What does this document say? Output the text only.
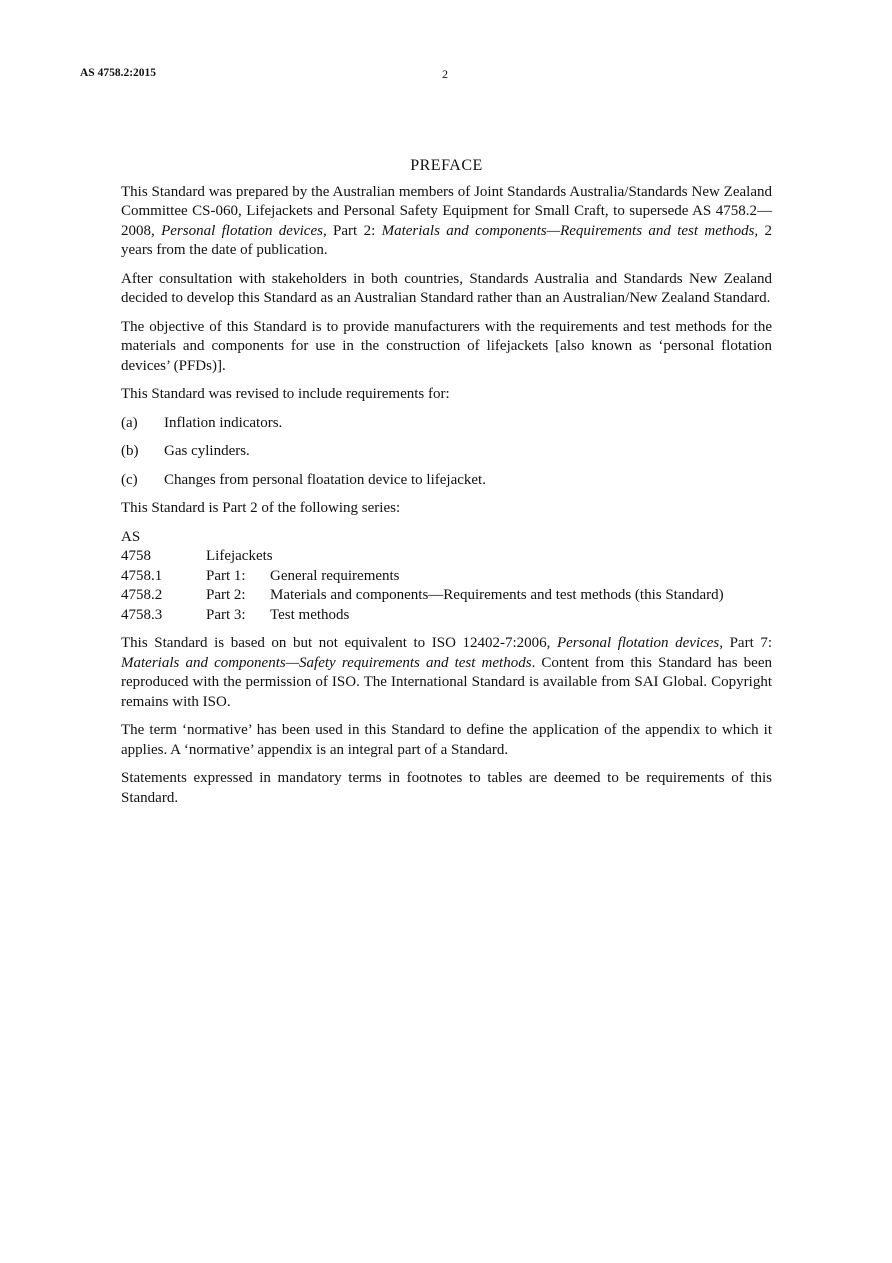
AS 4758.2:2015	2
PREFACE

This Standard was prepared by the Australian members of Joint Standards Australia/Standards New Zealand Committee CS-060, Lifejackets and Personal Safety Equipment for Small Craft, to supersede AS 4758.2—2008, Personal flotation devices, Part 2: Materials and components—Requirements and test methods, 2 years from the date of publication.

After consultation with stakeholders in both countries, Standards Australia and Standards New Zealand decided to develop this Standard as an Australian Standard rather than an Australian/New Zealand Standard.

The objective of this Standard is to provide manufacturers with the requirements and test methods for the materials and components for use in the construction of lifejackets [also known as ‘personal flotation devices’ (PFDs)].

This Standard was revised to include requirements for:

(a)	Inflation indicators.
(b)	Gas cylinders.
(c)	Changes from personal floatation device to lifejacket.

This Standard is Part 2 of the following series:

AS
4758	Lifejackets
4758.1	Part 1:	General requirements
4758.2	Part 2:	Materials and components—Requirements and test methods (this Standard)
4758.3	Part 3:	Test methods

This Standard is based on but not equivalent to ISO 12402-7:2006, Personal flotation devices, Part 7: Materials and components—Safety requirements and test methods. Content from this Standard has been reproduced with the permission of ISO. The International Standard is available from SAI Global. Copyright remains with ISO.

The term ‘normative’ has been used in this Standard to define the application of the appendix to which it applies. A ‘normative’ appendix is an integral part of a Standard.

Statements expressed in mandatory terms in footnotes to tables are deemed to be requirements of this Standard.
